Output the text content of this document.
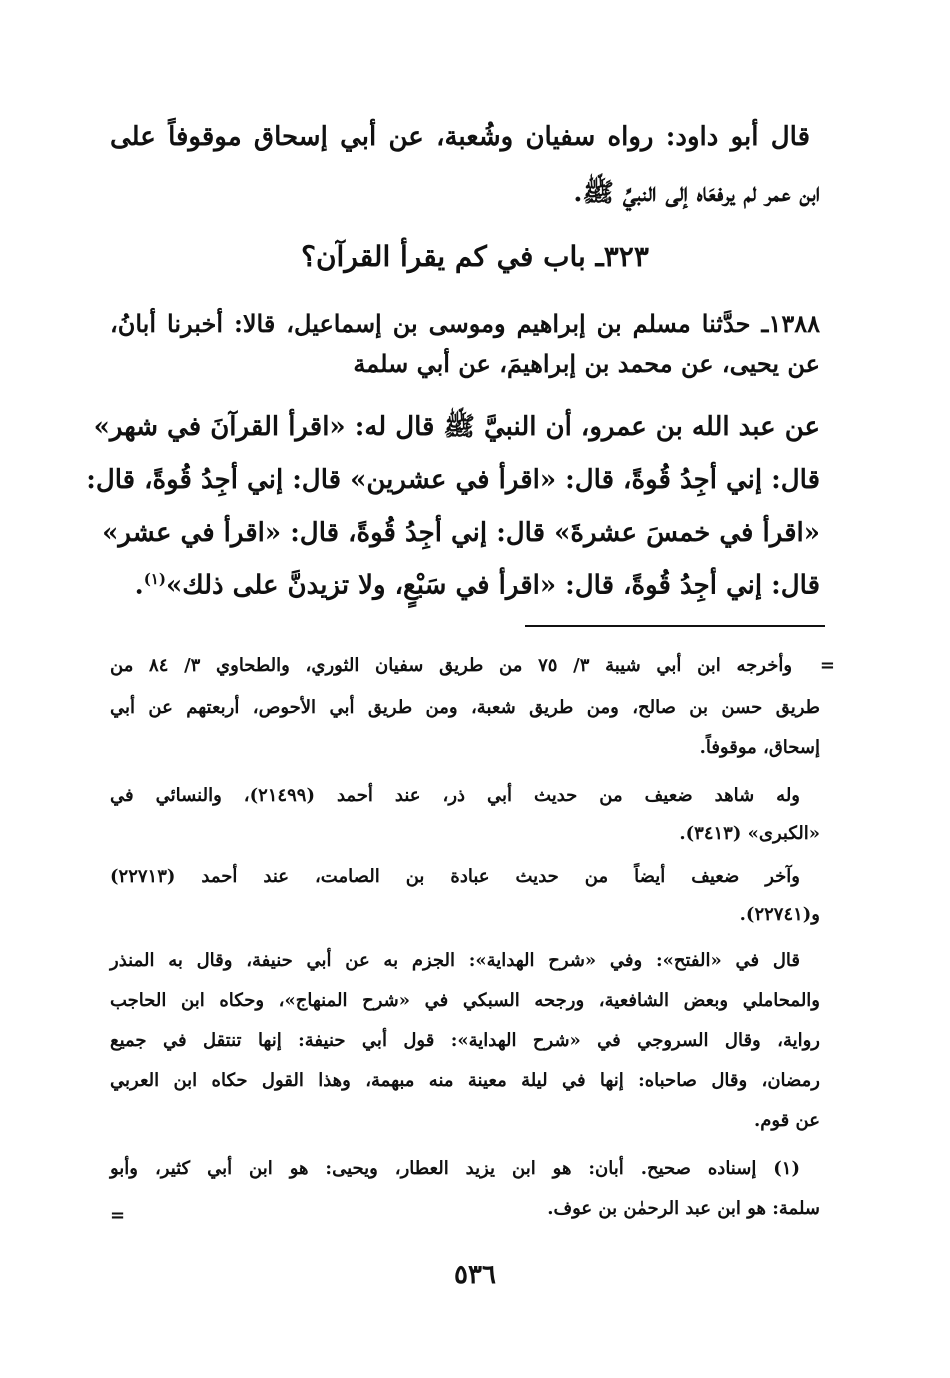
قال أبو داود: رواه سفيان وشُعبة، عن أبي إسحاق موقوفاً على
ابن عمر لم يرفعَاه إلى النبيِّ ﷺ.
٣٢٣ـ باب في كم يقرأ القرآن؟
١٣٨٨ـ حدَّثنا مسلم بن إبراهيم وموسى بن إسماعيل، قالا: أخبرنا أبانُ،
عن يحيى، عن محمد بن إبراهيمَ، عن أبي سلمة
عن عبد الله بن عمرو، أن النبيَّ ﷺ قال له: «اقرأ القرآنَ في شهر»
قال: إني أجِدُ قُوةً، قال: «اقرأ في عشرين» قال: إني أجِدُ قُوةً، قال:
«اقرأ في خمسَ عشرةَ» قال: إني أجِدُ قُوةً، قال: «اقرأ في عشر»
قال: إني أجِدُ قُوةً، قال: «اقرأ في سَبْعٍ، ولا تزيدنَّ على ذلك»$^{(١)}$.
=
وأخرجه ابن أبي شيبة ٣/ ٧٥ من طريق سفيان الثوري، والطحاوي ٣/ ٨٤ من
طريق حسن بن صالح، ومن طريق شعبة، ومن طريق أبي الأحوص، أربعتهم عن أبي
إسحاق، موقوفاً.
وله شاهد ضعيف من حديث أبي ذر، عند أحمد (٢١٤٩٩)، والنسائي في
«الكبرى» (٣٤١٣).
وآخر ضعيف أيضاً من حديث عبادة بن الصامت، عند أحمد (٢٢٧١٣)
و(٢٢٧٤١).
قال في «الفتح»: وفي «شرح الهداية»: الجزم به عن أبي حنيفة، وقال به المنذر
والمحاملي وبعض الشافعية، ورجحه السبكي في «شرح المنهاج»، وحكاه ابن الحاجب
رواية، وقال السروجي في «شرح الهداية»: قول أبي حنيفة: إنها تنتقل في جميع
رمضان، وقال صاحباه: إنها في ليلة معينة منه مبهمة، وهذا القول حكاه ابن العربي
عن قوم.
(١) إسناده صحيح. أبان: هو ابن يزيد العطار، ويحيى: هو ابن أبي كثير، وأبو
سلمة: هو ابن عبد الرحمٰن بن عوف.
=
٥٣٦
